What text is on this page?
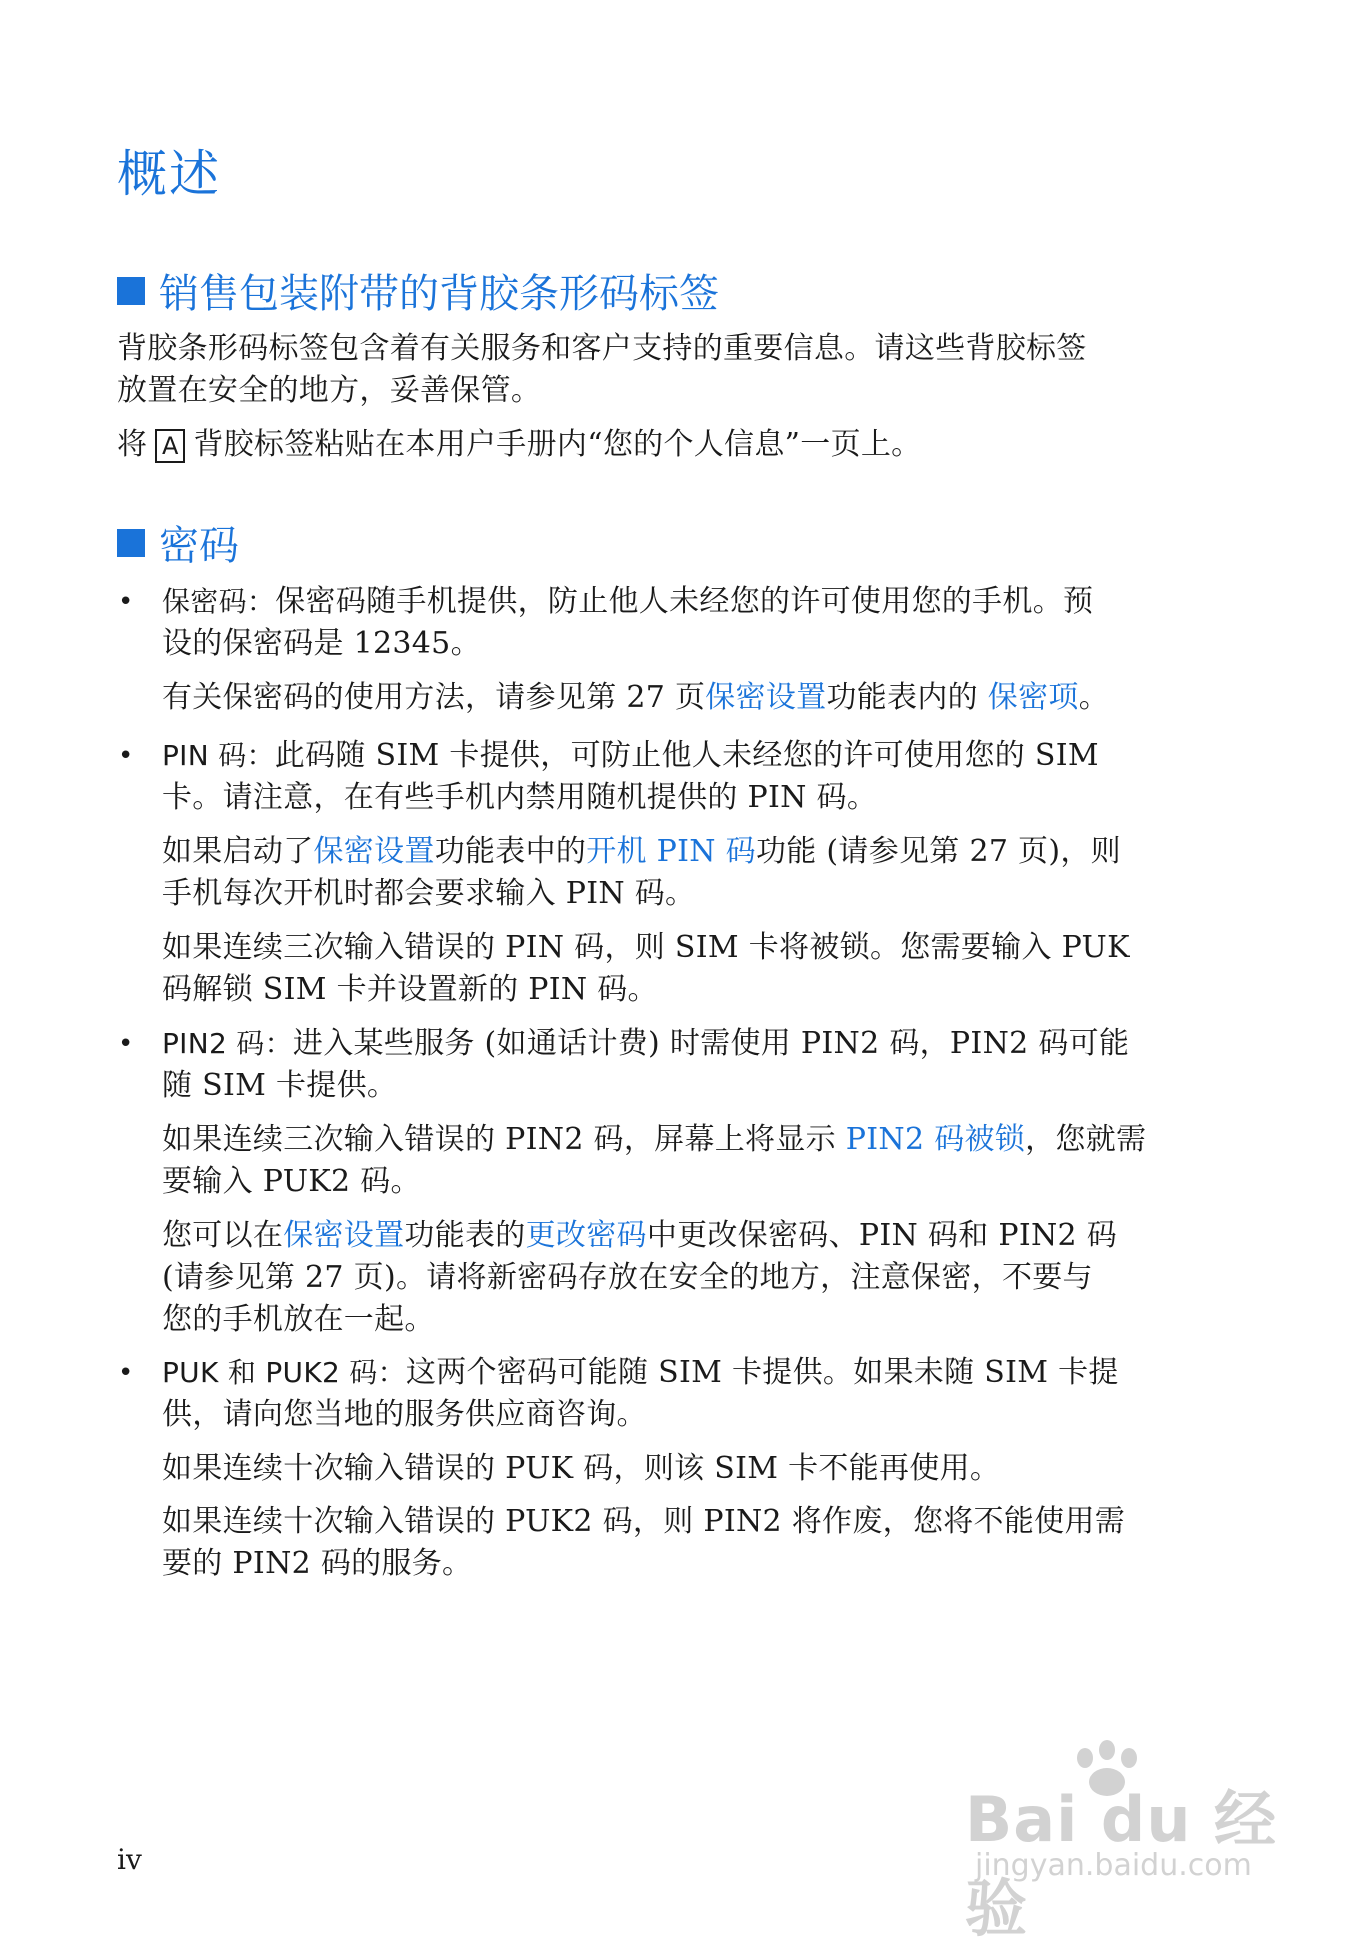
概述
销售包装附带的背胶条形码标签

背胶条形码标签包含着有关服务和客户支持的重要信息。请这些背胶标签
放置在安全的地方，妥善保管。

将 A 背胶标签粘贴在本用户手册内“您的个人信息”一页上。

密码
• 保密码：保密码随手机提供，防止他人未经您的许可使用您的手机。预
设的保密码是 12345。

有关保密码的使用方法，请参见第 27 页保密设置功能表内的 保密项。

• PIN 码：此码随 SIM 卡提供，可防止他人未经您的许可使用您的 SIM
卡。请注意，在有些手机内禁用随机提供的 PIN 码。

如果启动了保密设置功能表中的开机 PIN 码功能 (请参见第 27 页)，则
手机每次开机时都会要求输入 PIN 码。

如果连续三次输入错误的 PIN 码，则 SIM 卡将被锁。您需要输入 PUK
码解锁 SIM 卡并设置新的 PIN 码。

• PIN2 码：进入某些服务 (如通话计费) 时需使用 PIN2 码，PIN2 码可能
随 SIM 卡提供。

如果连续三次输入错误的 PIN2 码，屏幕上将显示 PIN2 码被锁，您就需
要输入 PUK2 码。

您可以在保密设置功能表的更改密码中更改保密码、PIN 码和 PIN2 码
(请参见第 27 页)。请将新密码存放在安全的地方，注意保密，不要与
您的手机放在一起。

• PUK 和 PUK2 码：这两个密码可能随 SIM 卡提供。如果未随 SIM 卡提
供，请向您当地的服务供应商咨询。

如果连续十次输入错误的 PUK 码，则该 SIM 卡不能再使用。

如果连续十次输入错误的 PUK2 码，则 PIN2 将作废，您将不能使用需
要的 PIN2 码的服务。

iv

Bai du 经验
jingyan.baidu.com
